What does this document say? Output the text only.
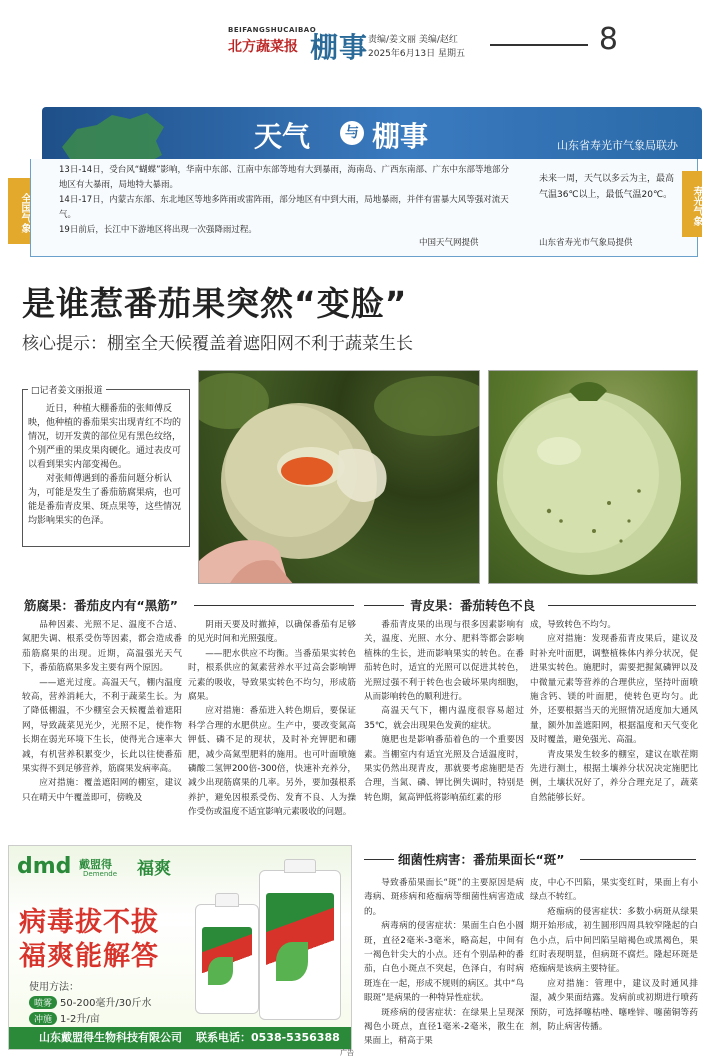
BEIFANGSHUCAIBAO
北方蔬菜报 棚事 责编/姜文丽 美编/赵红
2025年6月13日 星期五	8
天气	与 棚事	山东省寿光市气象局联办
全国气象

13日-14日，受台风“蝴蝶”影响，华南中东部、江南中东部等地有大到暴雨，海南岛、广西东南部、广东中东部等地部分地区有大暴雨，局地特大暴雨。

14日-17日，内蒙古东部、东北地区等地多阵雨或雷阵雨，部分地区有中到大雨，局地暴雨，并伴有雷暴大风等强对流天气。

19日前后，长江中下游地区将出现一次强降雨过程。

中国天气网提供
未来一周，天气以多云为主，最高气温36℃以上，最低气温20℃。
山东省寿光市气象局提供
寿光气象
是谁惹番茄果突然“变脸”
核心提示：棚室全天候覆盖着遮阳网不利于蔬菜生长

近日，种植大棚番茄的张师傅反映，他种植的番茄果实出现青红不均的情况，切开发黄的部位见有黑色纹络，个别严重的果皮果肉硬化。通过表皮可以看到果实内部变褐色。

对张师傅遇到的番茄问题分析认为，可能是发生了番茄筋腐果病，也可能是番茄青皮果、斑点果等，这些情况均影响果实的色泽。

□记者姜文丽报道
筋腐果：番茄皮内有“黑筋”

品种因素、光照不足、温度不合适、氮肥失调、根系受伤等因素，都会造成番茄筋腐果的出现。近期，高温强光天气下，番茄筋腐果多发主要有两个原因。

——遮光过度。高温天气，棚内温度较高，营养消耗大，不利于蔬菜生长。为了降低棚温，不少棚室会天候覆盖着遮阳网，导致蔬菜见光少，光照不足，使作物长期在弱光环境下生长，使得光合速率大减，有机营养积累变少，长此以往使番茄果实得不到足够营养，筋腐果发病率高。

应对措施：覆盖遮阳网的棚室，建议只在晴天中午覆盖即可，傍晚及

阴雨天要及时撤掉，以确保番茄有足够的见光时间和光照强度。

——肥水供应不均衡。当番茄果实转色时，根系供应的氮素营养水平过高会影响钾元素的吸收，导致果实转色不均匀，形成筋腐果。

应对措施：番茄进入转色期后，要保证科学合理的水肥供应。生产中，要改变氮高钾低、磷不足的现状，及时补充钾肥和硼肥，减少高氮型肥料的施用。也可叶面喷施磷酸二氢钾200倍-300倍，快速补充养分，减少出现筋腐果的几率。另外，要加强根系养护，避免因根系受伤、发育不良、人为操作受伤或温度不适宜影响元素吸收的问题。

青皮果：番茄转色不良

番茄青皮果的出现与很多因素影响有关，温度、光照、水分、肥料等都会影响植株的生长，进而影响果实的转色。在番茄转色时，适宜的光照可以促进其转色，光照过强不利于转色也会破坏果肉细胞，从而影响转色的顺利进行。

高温天气下，棚内温度很容易超过35℃，就会出现果色发黄的症状。

施肥也是影响番茄着色的一个重要因素。当棚室内有适宜光照及合适温度时，果实仍然出现青皮，那就要考虑施肥是否合理，当氮、磷、钾比例失调时，特别是转色期，氮高钾低将影响茄红素的形

成，导致转色不均匀。

应对措施：发现番茄青皮果后，建议及时补充叶面肥，调整植株体内养分状况，促进果实转色。施肥时，需要把握氮磷钾以及中微量元素等营养的合理供应，坚持叶面喷施含钙、镁的叶面肥，使转色更均匀。此外，还要根据当天的光照情况适度加大通风量，额外加盖遮阳网，根据温度和天气变化及时覆盖，避免强光、高温。

青皮果发生较多的棚室，建议在歇茬期先进行测土，根据土壤养分状况决定施肥比例，土壤状况好了，养分合理充足了，蔬菜自然能够长好。

细菌性病害：番茄果面长“斑”

导致番茄果面长“斑”的主要原因是病毒病、斑疹病和疮痂病等细菌性病害造成的。

病毒病的侵害症状：果面生白色小圆斑，直径2毫米-3毫米，略高起，中间有一褐色针尖大的小点。还有个别品种的番茄，白色小斑点不突起，色泽白，有时病斑连在一起，形成不规则的病区。其中“鸟眼斑”是病果的一种特异性症状。

斑疹病的侵害症状：在绿果上呈现深褐色小斑点，直径1毫米-2毫米，散生在果面上，稍高于果

皮，中心不凹陷，果实变红时，果面上有小绿点不转红。

疮痂病的侵害症状：多数小病斑从绿果期开始形成，初生圆形四周具较窄隆起的白色小点，后中间凹陷呈暗褐色或黑褐色，果红时表现明显，但病斑不腐烂。隆起环斑是疮痂病是该病主要特征。

应对措施：管理中，建议及时通风排湿，减少果面结露。发病前或初期进行喷药预防，可选择噻枯唑、噻唑锌、噻菌铜等药剂，防止病害传播。

dmd 戴盟得
Demende 福爽
病毒拔不拔
福爽能解答
使用方法：
喷雾 50-200毫升/30斤水
冲施 1-2升/亩
山东戴盟得生物科技有限公司 联系电话：0538-5356388
广告
